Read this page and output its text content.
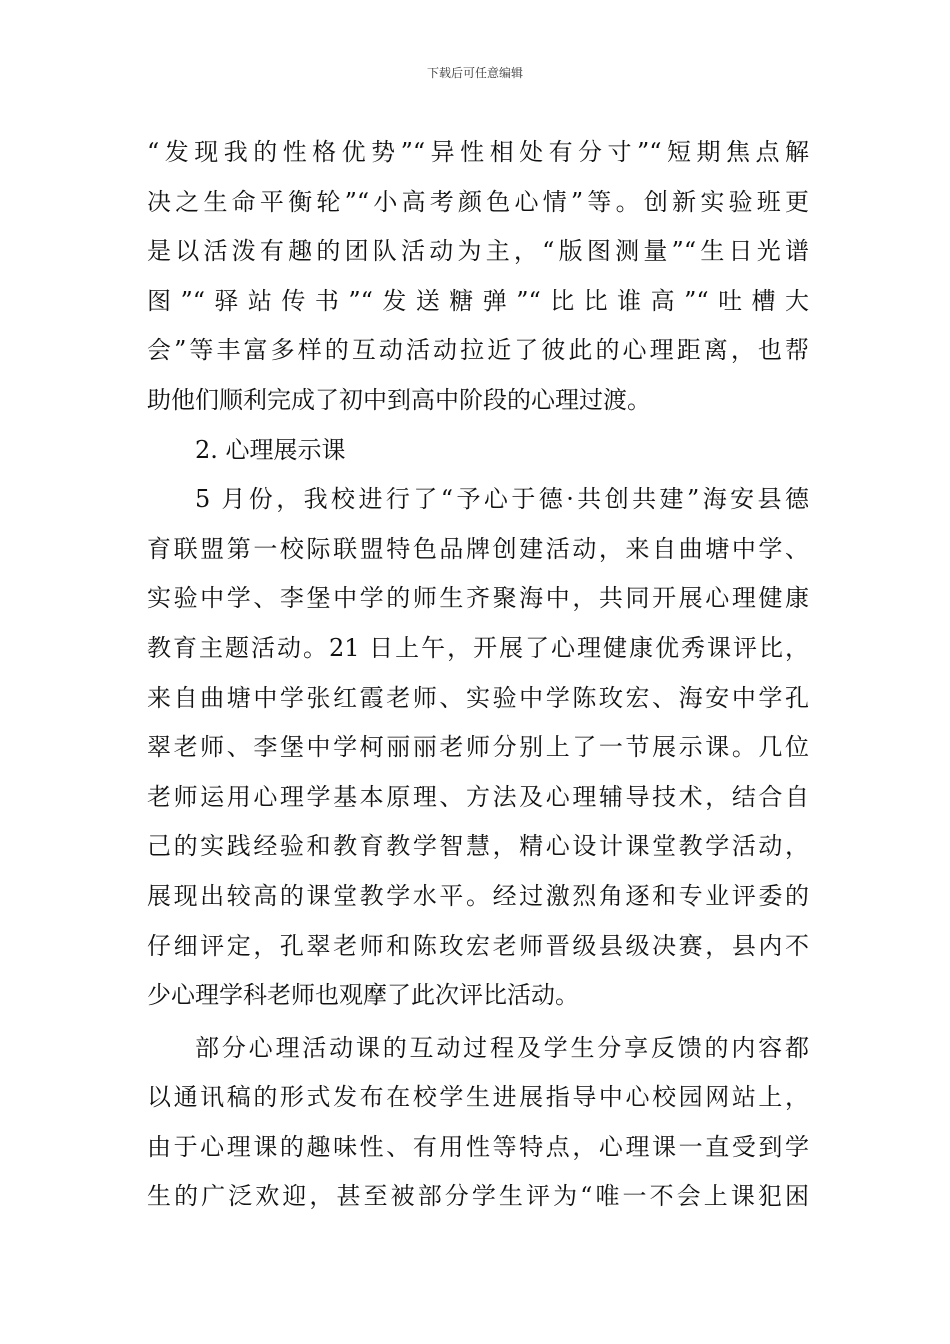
下载后可任意编辑
“发现我的性格优势”“异性相处有分寸”“短期焦点解
决之生命平衡轮”“小高考颜色心情”等。创新实验班更
是以活泼有趣的团队活动为主，“版图测量”“生日光谱
图”“驿站传书”“发送糖弹”“比比谁高”“吐槽大
会”等丰富多样的互动活动拉近了彼此的心理距离，也帮
助他们顺利完成了初中到高中阶段的心理过渡。
2. 心理展示课
5 月份，我校进行了“予心于德·共创共建”海安县德
育联盟第一校际联盟特色品牌创建活动，来自曲塘中学、
实验中学、李堡中学的师生齐聚海中，共同开展心理健康
教育主题活动。21 日上午，开展了心理健康优秀课评比，
来自曲塘中学张红霞老师、实验中学陈玫宏、海安中学孔
翠老师、李堡中学柯丽丽老师分别上了一节展示课。几位
老师运用心理学基本原理、方法及心理辅导技术，结合自
己的实践经验和教育教学智慧，精心设计课堂教学活动，
展现出较高的课堂教学水平。经过激烈角逐和专业评委的
仔细评定，孔翠老师和陈玫宏老师晋级县级决赛，县内不
少心理学科老师也观摩了此次评比活动。
部分心理活动课的互动过程及学生分享反馈的内容都
以通讯稿的形式发布在校学生进展指导中心校园网站上，
由于心理课的趣味性、有用性等特点，心理课一直受到学
生的广泛欢迎，甚至被部分学生评为“唯一不会上课犯困
